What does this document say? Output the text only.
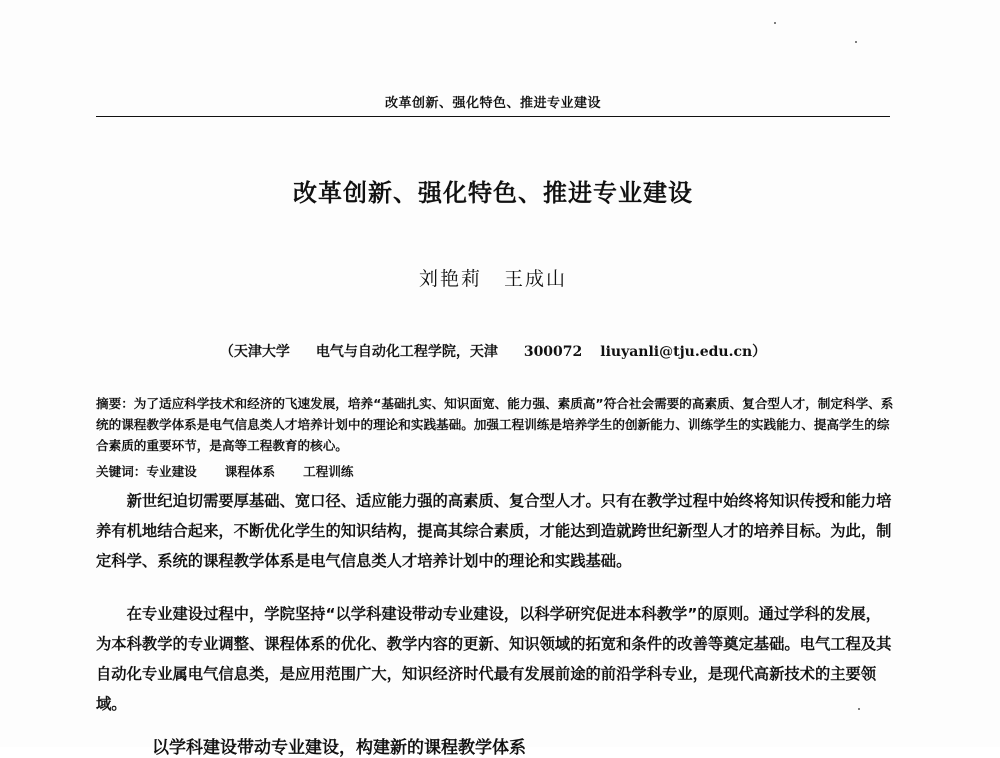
改革创新、强化特色、推进专业建设
改革创新、强化特色、推进专业建设
刘艳莉 王成山
（天津大学 电气与自动化工程学院，天津 300072 liuyanli@tju.edu.cn）
摘要：为了适应科学技术和经济的飞速发展，培养“基础扎实、知识面宽、能力强、素质高”符合社会需要的高素质、复合型人才，制定科学、系统的课程教学体系是电气信息类人才培养计划中的理论和实践基础。加强工程训练是培养学生的创新能力、训练学生的实践能力、提高学生的综合素质的重要环节，是高等工程教育的核心。
关键词：专业建设 课程体系 工程训练

新世纪迫切需要厚基础、宽口径、适应能力强的高素质、复合型人才。只有在教学过程中始终将知识传授和能力培养有机地结合起来，不断优化学生的知识结构，提高其综合素质，才能达到造就跨世纪新型人才的培养目标。为此，制定科学、系统的课程教学体系是电气信息类人才培养计划中的理论和实践基础。

在专业建设过程中，学院坚持“以学科建设带动专业建设，以科学研究促进本科教学”的原则。通过学科的发展，为本科教学的专业调整、课程体系的优化、教学内容的更新、知识领域的拓宽和条件的改善等奠定基础。电气工程及其自动化专业属电气信息类，是应用范围广大，知识经济时代最有发展前途的前沿学科专业，是现代高新技术的主要领域。

以学科建设带动专业建设，构建新的课程教学体系
